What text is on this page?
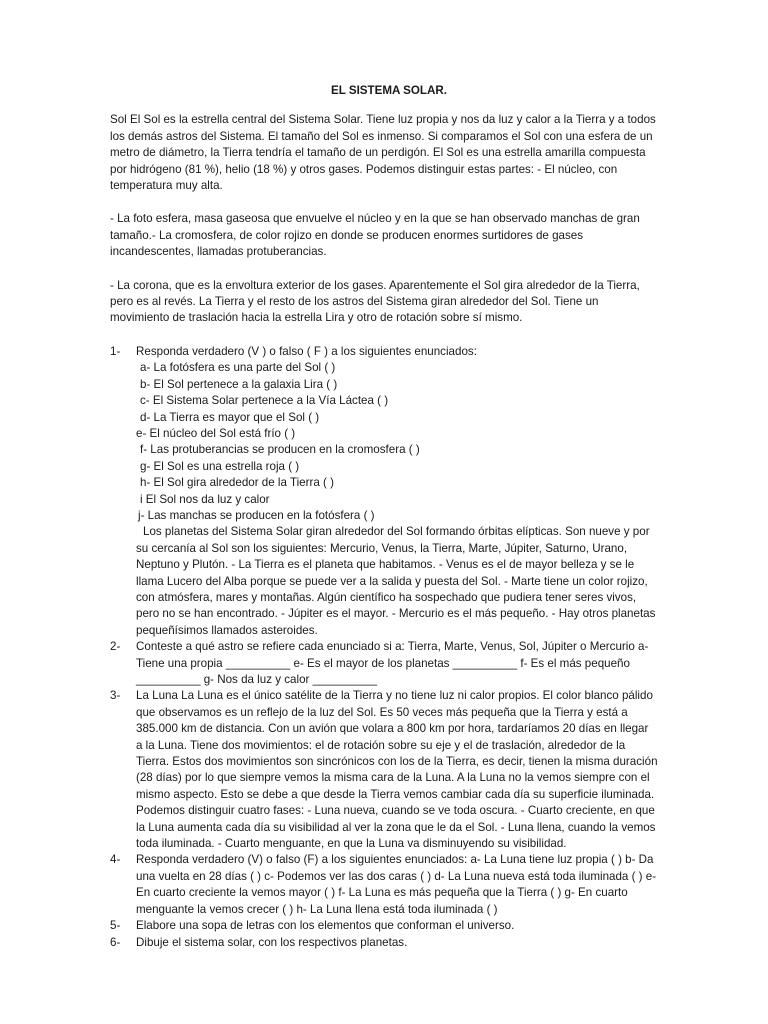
EL SISTEMA SOLAR.

Sol El Sol es la estrella central del Sistema Solar. Tiene luz propia y nos da luz y calor a la Tierra y a todos los demás astros del Sistema. El tamaño del Sol es inmenso. Si comparamos el Sol con una esfera de un metro de diámetro, la Tierra tendría el tamaño de un perdigón. El Sol es una estrella amarilla compuesta por hidrógeno (81 %), helio (18 %) y otros gases. Podemos distinguir estas partes: - El núcleo, con temperatura muy alta.

- La foto esfera, masa gaseosa que envuelve el núcleo y en la que se han observado manchas de gran tamaño.- La cromosfera, de color rojizo en donde se producen enormes surtidores de gases incandescentes, llamadas protuberancias.

- La corona, que es la envoltura exterior de los gases. Aparentemente el Sol gira alrededor de la Tierra, pero es al revés. La Tierra y el resto de los astros del Sistema giran alrededor del Sol. Tiene un movimiento de traslación hacia la estrella Lira y otro de rotación sobre sí mismo.

1-	Responda verdadero (V ) o falso ( F ) a los siguientes enunciados:
a- La fotósfera es una parte del Sol ( )
b- El Sol pertenece a la galaxia Lira ( )
c- El Sistema Solar pertenece a la Vía Láctea ( )
d- La Tierra es mayor que el Sol ( )
e- El núcleo del Sol está frío ( )
f- Las protuberancias se producen en la cromosfera ( )
g- El Sol es una estrella roja ( )
h- El Sol gira alrededor de la Tierra ( )
i El Sol nos da luz y calor
j- Las manchas se producen en la fotósfera ( )
Los planetas del Sistema Solar giran alrededor del Sol formando órbitas elípticas. Son nueve y por su cercanía al Sol son los siguientes: Mercurio, Venus, la Tierra, Marte, Júpiter, Saturno, Urano, Neptuno y Plutón. - La Tierra es el planeta que habitamos. - Venus es el de mayor belleza y se le llama Lucero del Alba porque se puede ver a la salida y puesta del Sol. - Marte tiene un color rojizo, con atmósfera, mares y montañas. Algún científico ha sospechado que pudiera tener seres vivos, pero no se han encontrado. - Júpiter es el mayor. - Mercurio es el más pequeño. - Hay otros planetas pequeñísimos llamados asteroides.
2-	Conteste a qué astro se refiere cada enunciado si a: Tierra, Marte, Venus, Sol, Júpiter o Mercurio a- Tiene una propia __________ e- Es el mayor de los planetas __________ f- Es el más pequeño __________ g- Nos da luz y calor __________
3-	La Luna La Luna es el único satélite de la Tierra y no tiene luz ni calor propios. El color blanco pálido que observamos es un reflejo de la luz del Sol. Es 50 veces más pequeña que la Tierra y está a 385.000 km de distancia. Con un avión que volara a 800 km por hora, tardaríamos 20 días en llegar a la Luna. Tiene dos movimientos: el de rotación sobre su eje y el de traslación, alrededor de la Tierra. Estos dos movimientos son sincrónicos con los de la Tierra, es decir, tienen la misma duración (28 días) por lo que siempre vemos la misma cara de la Luna. A la Luna no la vemos siempre con el mismo aspecto. Esto se debe a que desde la Tierra vemos cambiar cada día su superficie iluminada. Podemos distinguir cuatro fases: - Luna nueva, cuando se ve toda oscura. - Cuarto creciente, en que la Luna aumenta cada día su visibilidad al ver la zona que le da el Sol. - Luna llena, cuando la vemos toda iluminada. - Cuarto menguante, en que la Luna va disminuyendo su visibilidad.
4-	Responda verdadero (V) o falso (F) a los siguientes enunciados: a- La Luna tiene luz propia ( ) b- Da una vuelta en 28 días ( ) c- Podemos ver las dos caras ( ) d- La Luna nueva está toda iluminada ( ) e- En cuarto creciente la vemos mayor ( ) f- La Luna es más pequeña que la Tierra ( ) g- En cuarto menguante la vemos crecer ( ) h- La Luna llena está toda iluminada ( )
5-	Elabore una sopa de letras con los elementos que conforman el universo.
6-	Dibuje el sistema solar, con los respectivos planetas.
